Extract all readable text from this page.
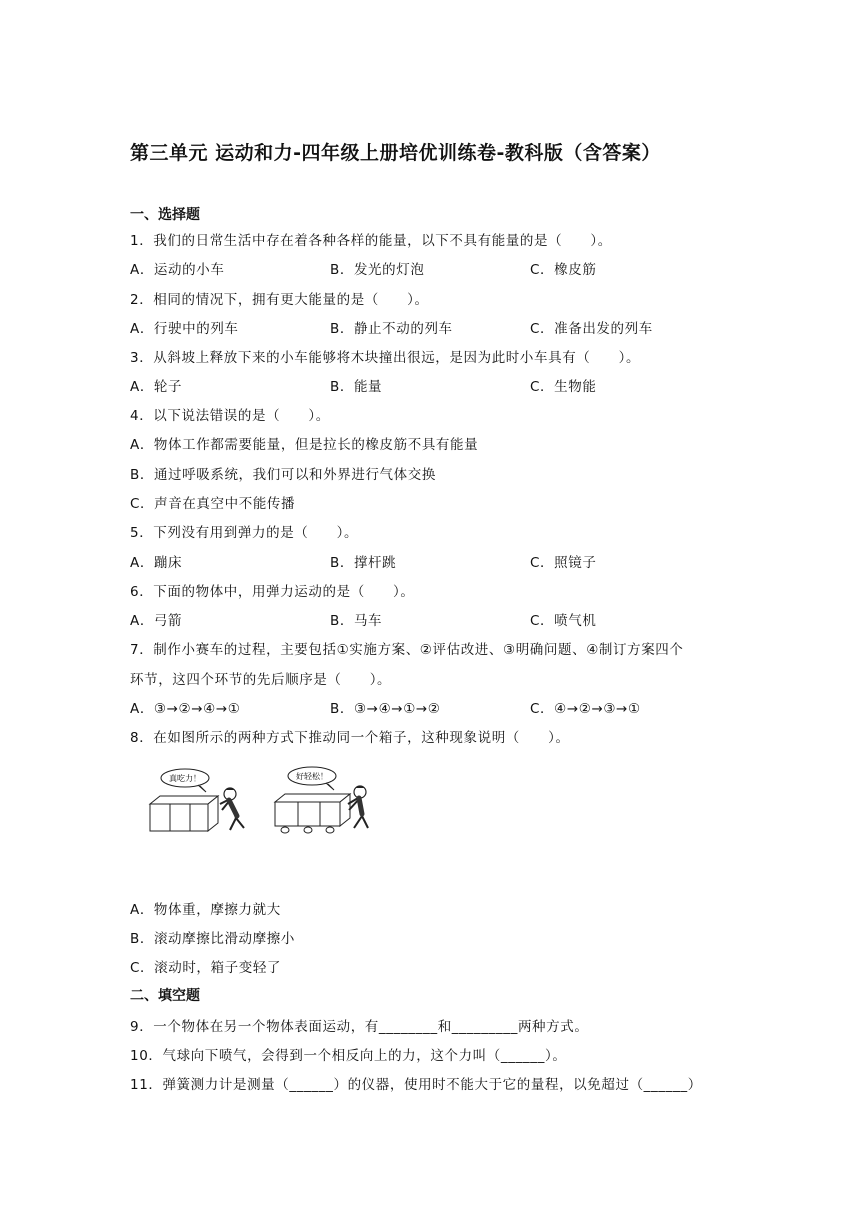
第三单元 运动和力-四年级上册培优训练卷-教科版（含答案）
一、选择题
1．我们的日常生活中存在着各种各样的能量，以下不具有能量的是（　　）。
A．运动的小车	B．发光的灯泡	C．橡皮筋
2．相同的情况下，拥有更大能量的是（　　）。
A．行驶中的列车	B．静止不动的列车	C．准备出发的列车
3．从斜坡上释放下来的小车能够将木块撞出很远，是因为此时小车具有（　　）。
A．轮子	B．能量	C．生物能
4．以下说法错误的是（　　）。
A．物体工作都需要能量，但是拉长的橡皮筋不具有能量
B．通过呼吸系统，我们可以和外界进行气体交换
C．声音在真空中不能传播
5．下列没有用到弹力的是（　　）。
A．蹦床	B．撑杆跳	C．照镜子
6．下面的物体中，用弹力运动的是（　　）。
A．弓箭	B．马车	C．喷气机
7．制作小赛车的过程，主要包括①实施方案、②评估改进、③明确问题、④制订方案四个
环节，这四个环节的先后顺序是（　　）。
A．③→②→④→①	B．③→④→①→②	C．④→②→③→①
8．在如图所示的两种方式下推动同一个箱子，这种现象说明（　　）。
真吃力！	好轻松！
A．物体重，摩擦力就大
B．滚动摩擦比滑动摩擦小
C．滚动时，箱子变轻了
二、填空题
9．一个物体在另一个物体表面运动，有________和_________两种方式。
10．气球向下喷气，会得到一个相反向上的力，这个力叫（______）。
11．弹簧测力计是测量（______）的仪器，使用时不能大于它的量程，以免超过（______）
